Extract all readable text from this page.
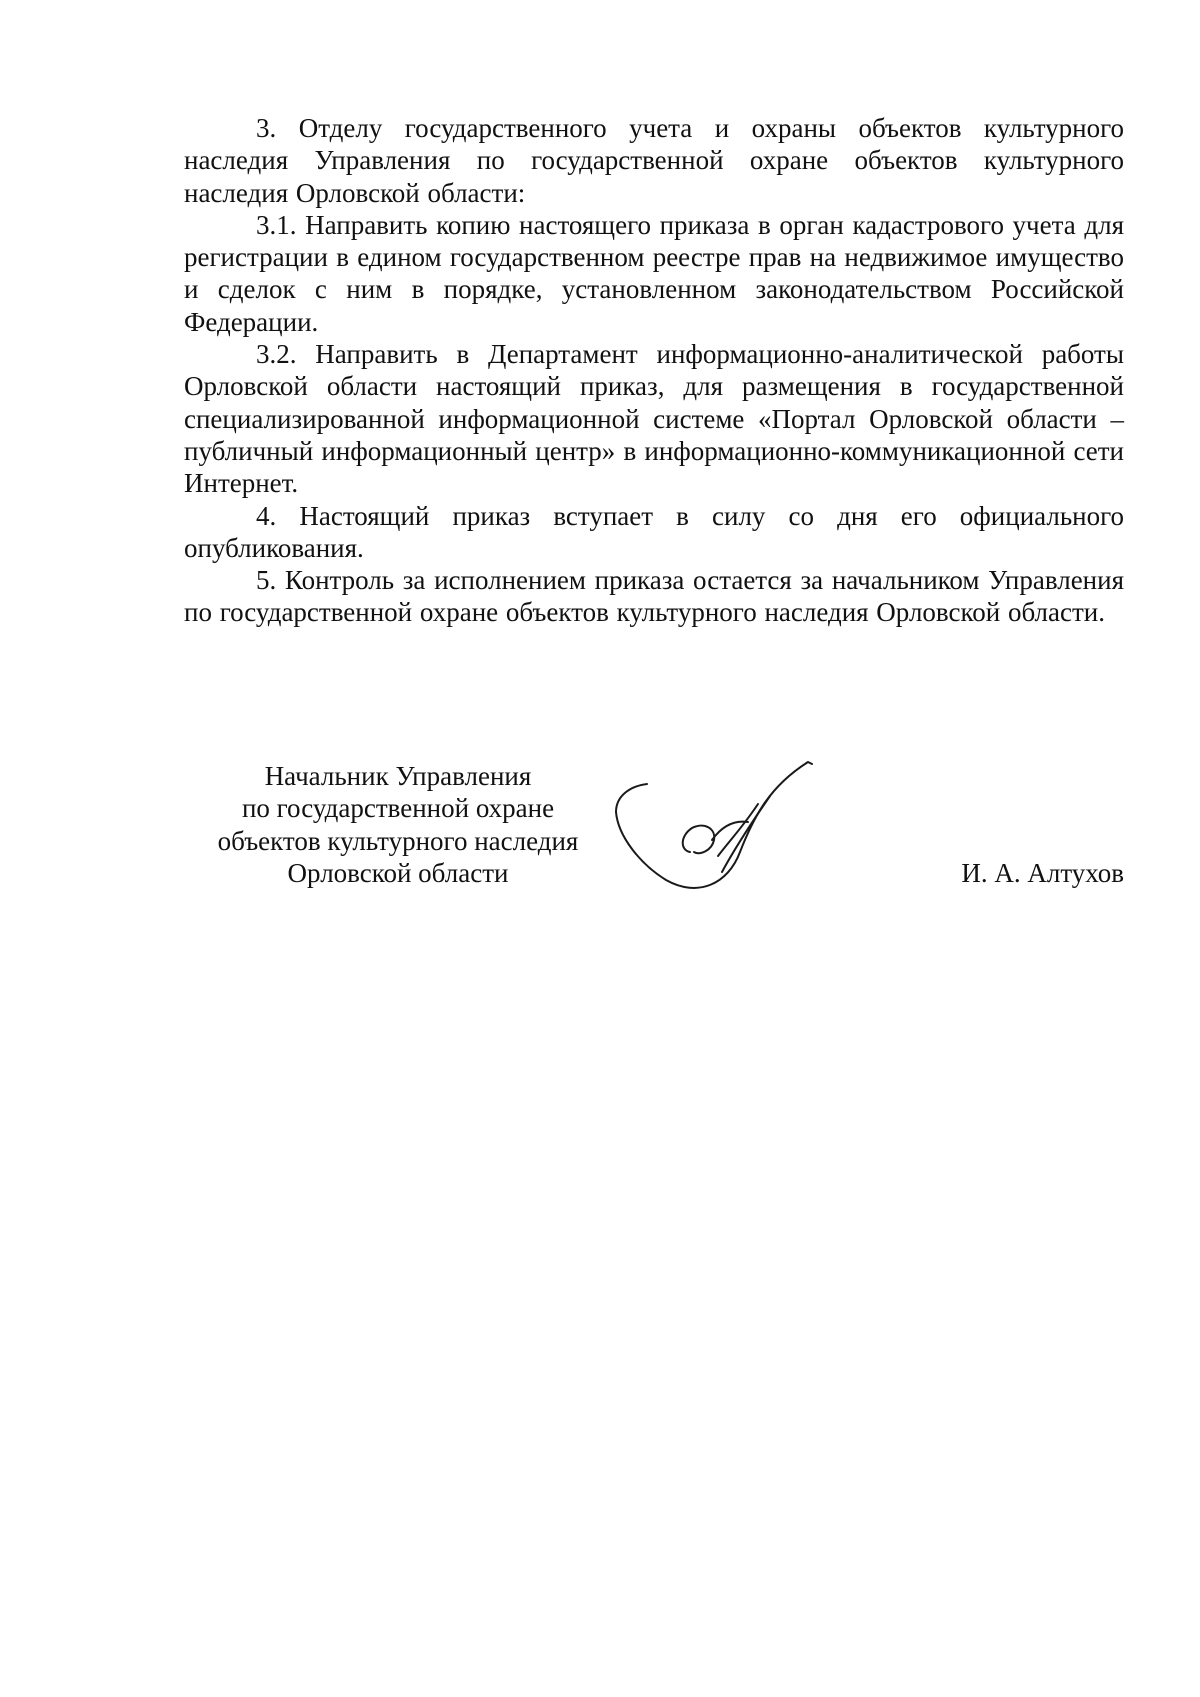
3. Отделу государственного учета и охраны объектов культурного наследия Управления по государственной охране объектов культурного наследия Орловской области:

3.1. Направить копию настоящего приказа в орган кадастрового учета для регистрации в едином государственном реестре прав на недвижимое имущество и сделок с ним в порядке, установленном законодательством Российской Федерации.

3.2. Направить в Департамент информационно-аналитической работы Орловской области настоящий приказ, для размещения в государственной специализированной информационной системе «Портал Орловской области – публичный информационный центр» в информационно-коммуникационной сети Интернет.

4. Настоящий приказ вступает в силу со дня его официального опубликования.

5. Контроль за исполнением приказа остается за начальником Управления по государственной охране объектов культурного наследия Орловской области.

Начальник Управления
по государственной охране
объектов культурного наследия
Орловской области	И. А. Алтухов
